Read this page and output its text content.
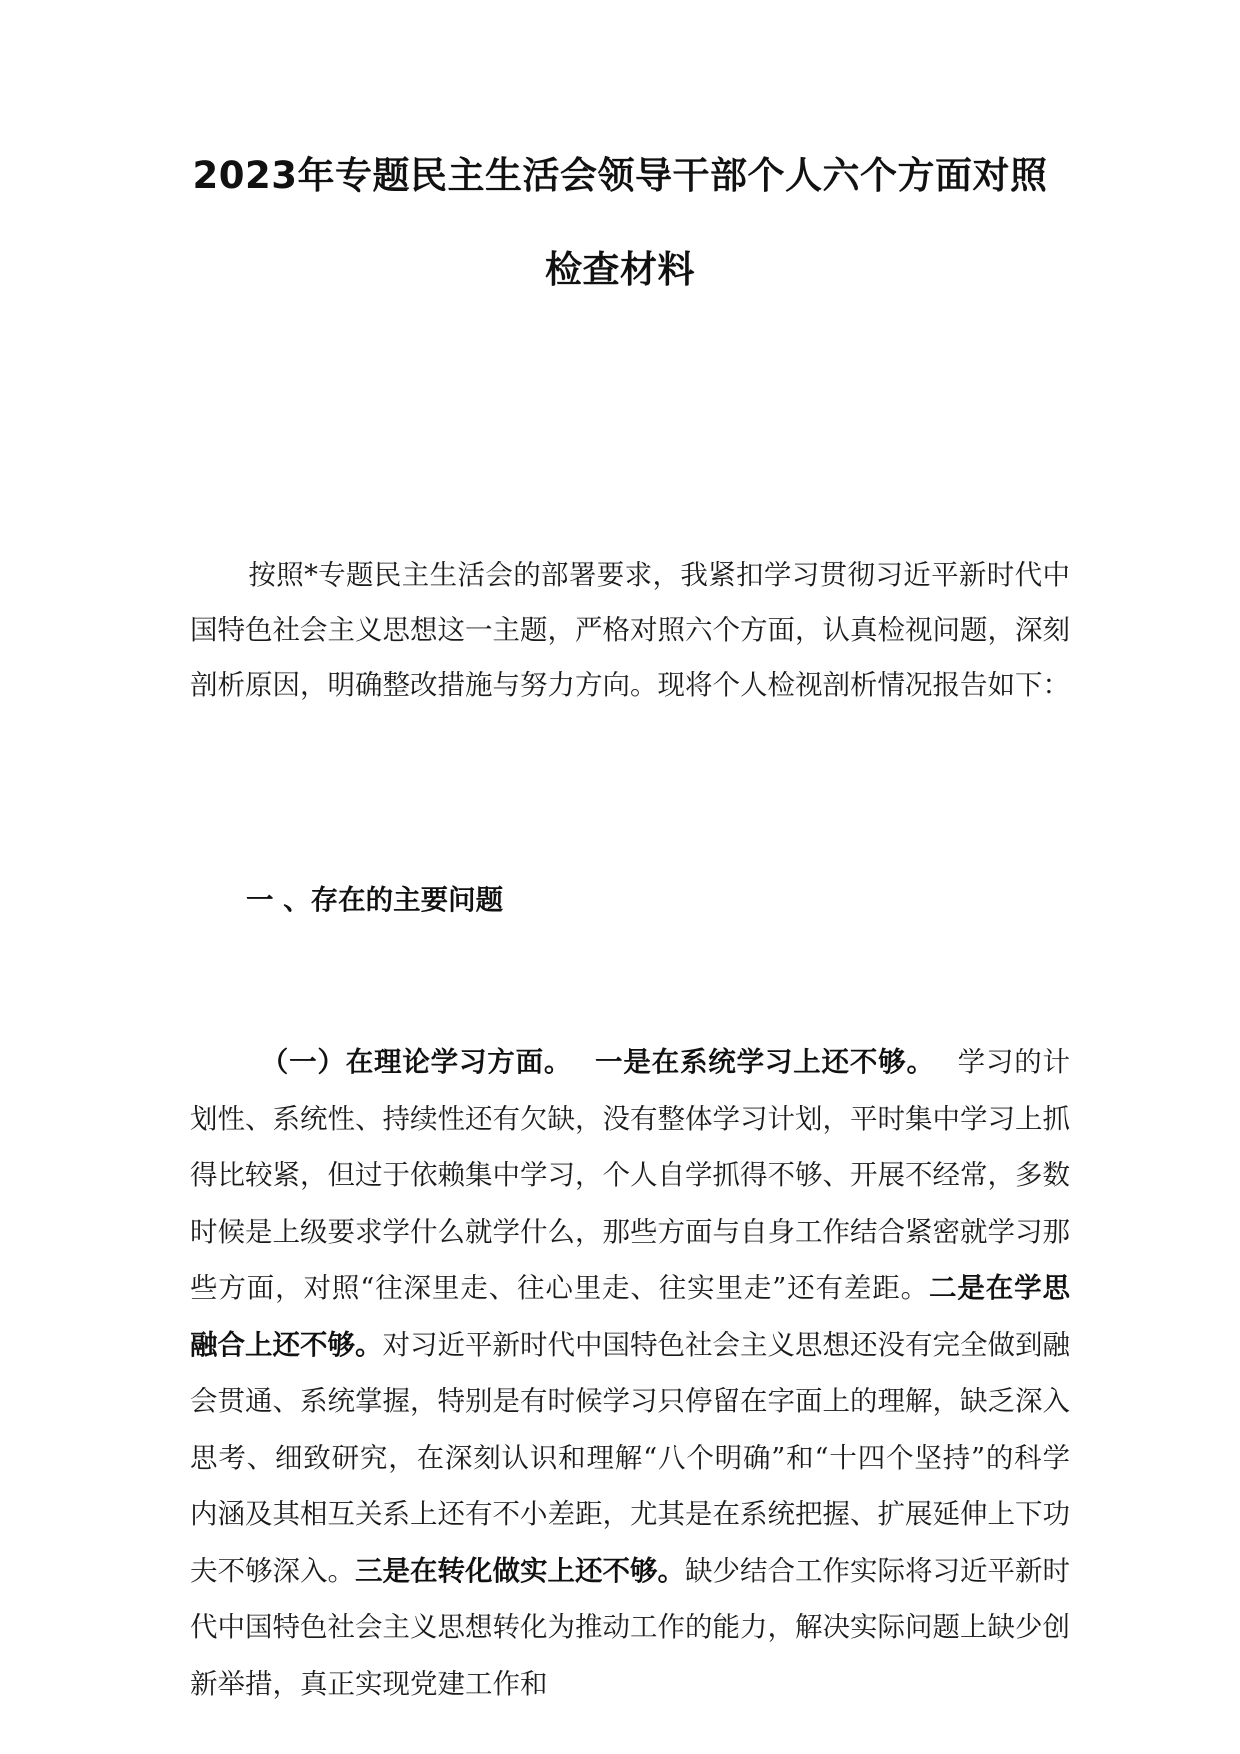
2023年专题民主生活会领导干部个人六个方面对照
检查材料

按照*专题民主生活会的部署要求，我紧扣学习贯彻习近平新时代中国特色社会主义思想这一主题，严格对照六个方面，认真检视问题，深刻剖析原因，明确整改措施与努力方向。现将个人检视剖析情况报告如下：

一 、存在的主要问题

（一）在理论学习方面。 一是在系统学习上还不够。 学习的计划性、系统性、持续性还有欠缺，没有整体学习计划，平时集中学习上抓得比较紧，但过于依赖集中学习，个人自学抓得不够、开展不经常，多数时候是上级要求学什么就学什么，那些方面与自身工作结合紧密就学习那些方面，对照“往深里走、往心里走、往实里走”还有差距。二是在学思融合上还不够。对习近平新时代中国特色社会主义思想还没有完全做到融会贯通、系统掌握，特别是有时候学习只停留在字面上的理解，缺乏深入思考、细致研究，在深刻认识和理解“八个明确”和“十四个坚持”的科学内涵及其相互关系上还有不小差距，尤其是在系统把握、扩展延伸上下功夫不够深入。三是在转化做实上还不够。缺少结合工作实际将习近平新时代中国特色社会主义思想转化为推动工作的能力，解决实际问题上缺少创新举措，真正实现党建工作和
